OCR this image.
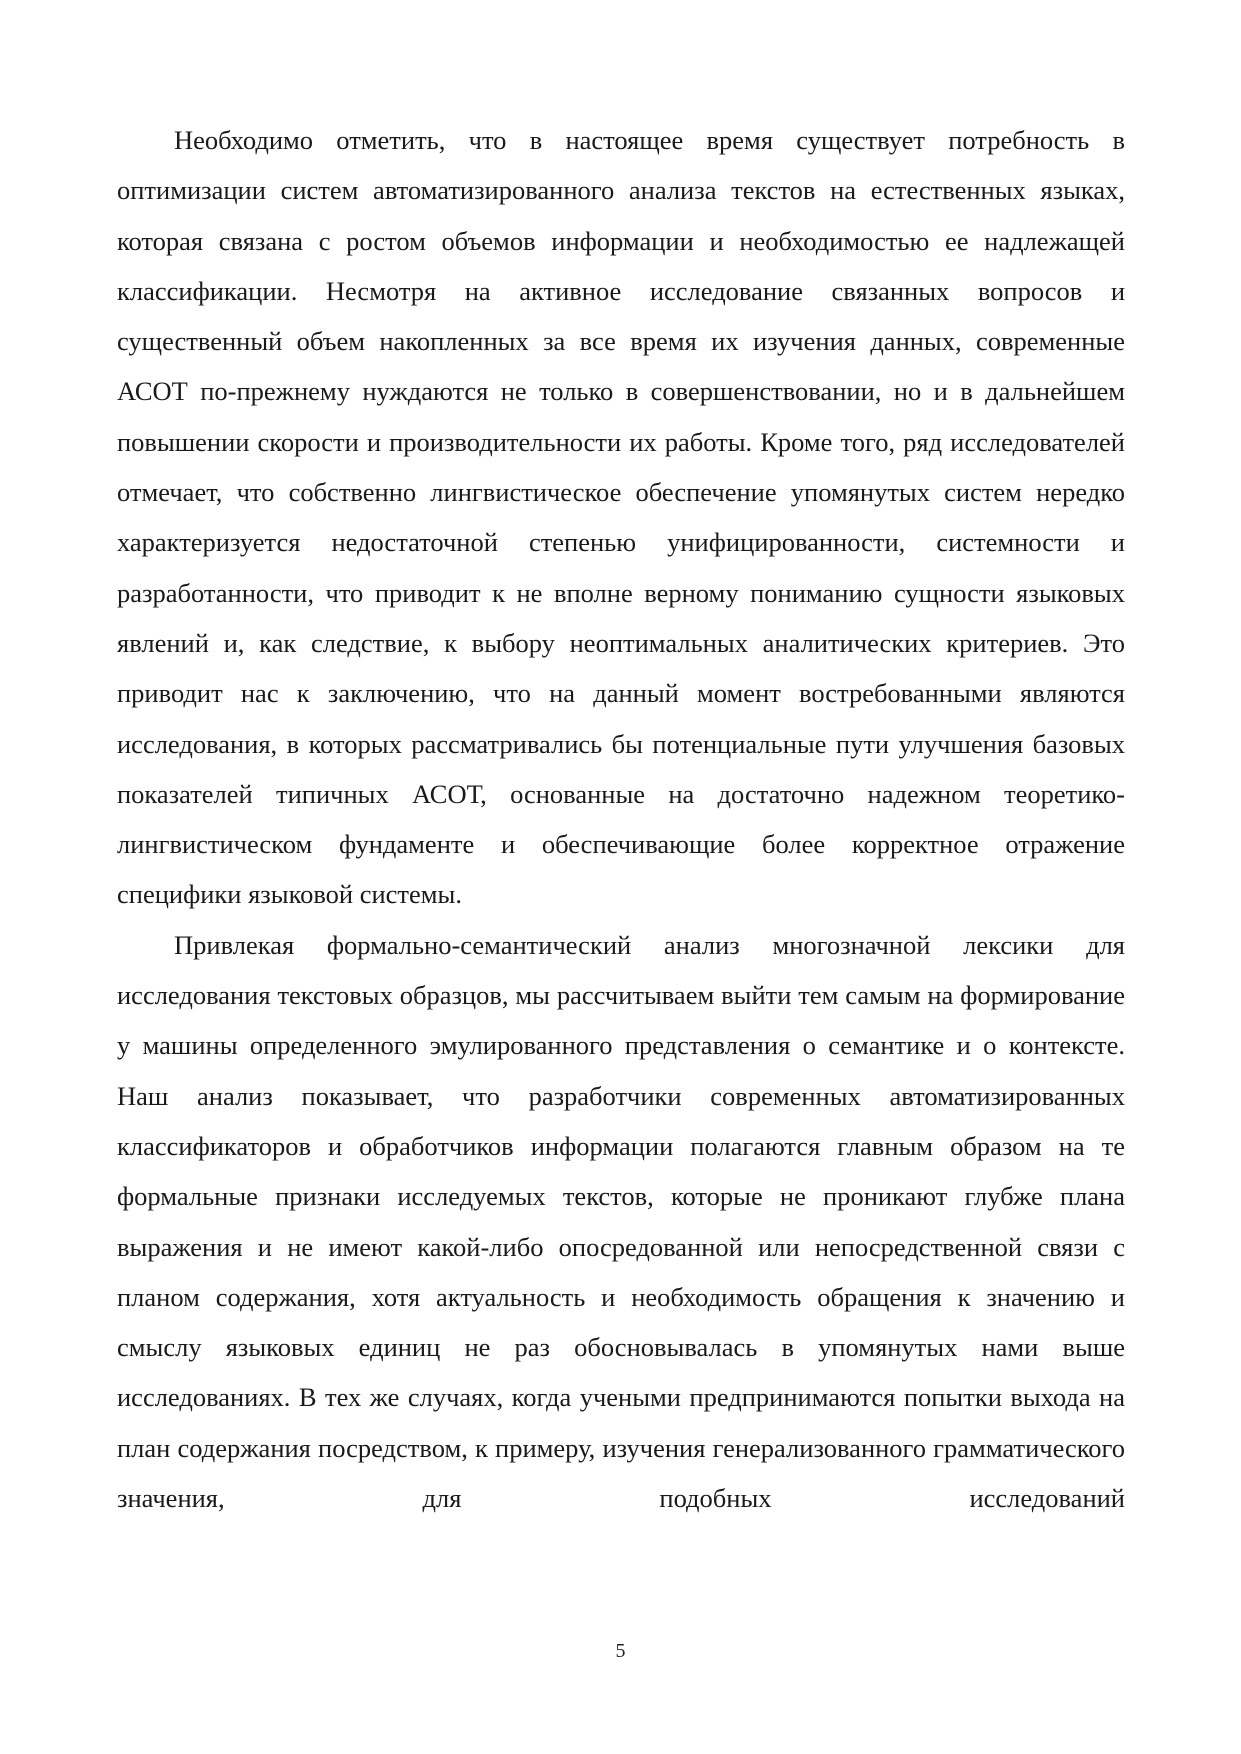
Необходимо отметить, что в настоящее время существует потребность в оптимизации систем автоматизированного анализа текстов на естественных языках, которая связана с ростом объемов информации и необходимостью ее надлежащей классификации. Несмотря на активное исследование связанных вопросов и существенный объем накопленных за все время их изучения данных, современные АСОТ по-прежнему нуждаются не только в совершенствовании, но и в дальнейшем повышении скорости и производительности их работы. Кроме того, ряд исследователей отмечает, что собственно лингвистическое обеспечение упомянутых систем нередко характеризуется недостаточной степенью унифицированности, системности и разработанности, что приводит к не вполне верному пониманию сущности языковых явлений и, как следствие, к выбору неоптимальных аналитических критериев. Это приводит нас к заключению, что на данный момент востребованными являются исследования, в которых рассматривались бы потенциальные пути улучшения базовых показателей типичных АСОТ, основанные на достаточно надежном теоретико-лингвистическом фундаменте и обеспечивающие более корректное отражение специфики языковой системы.

Привлекая формально-семантический анализ многозначной лексики для исследования текстовых образцов, мы рассчитываем выйти тем самым на формирование у машины определенного эмулированного представления о семантике и о контексте. Наш анализ показывает, что разработчики современных автоматизированных классификаторов и обработчиков информации полагаются главным образом на те формальные признаки исследуемых текстов, которые не проникают глубже плана выражения и не имеют какой-либо опосредованной или непосредственной связи с планом содержания, хотя актуальность и необходимость обращения к значению и смыслу языковых единиц не раз обосновывалась в упомянутых нами выше исследованиях. В тех же случаях, когда учеными предпринимаются попытки выхода на план содержания посредством, к примеру, изучения генерализованного грамматического значения, для подобных исследований

5
